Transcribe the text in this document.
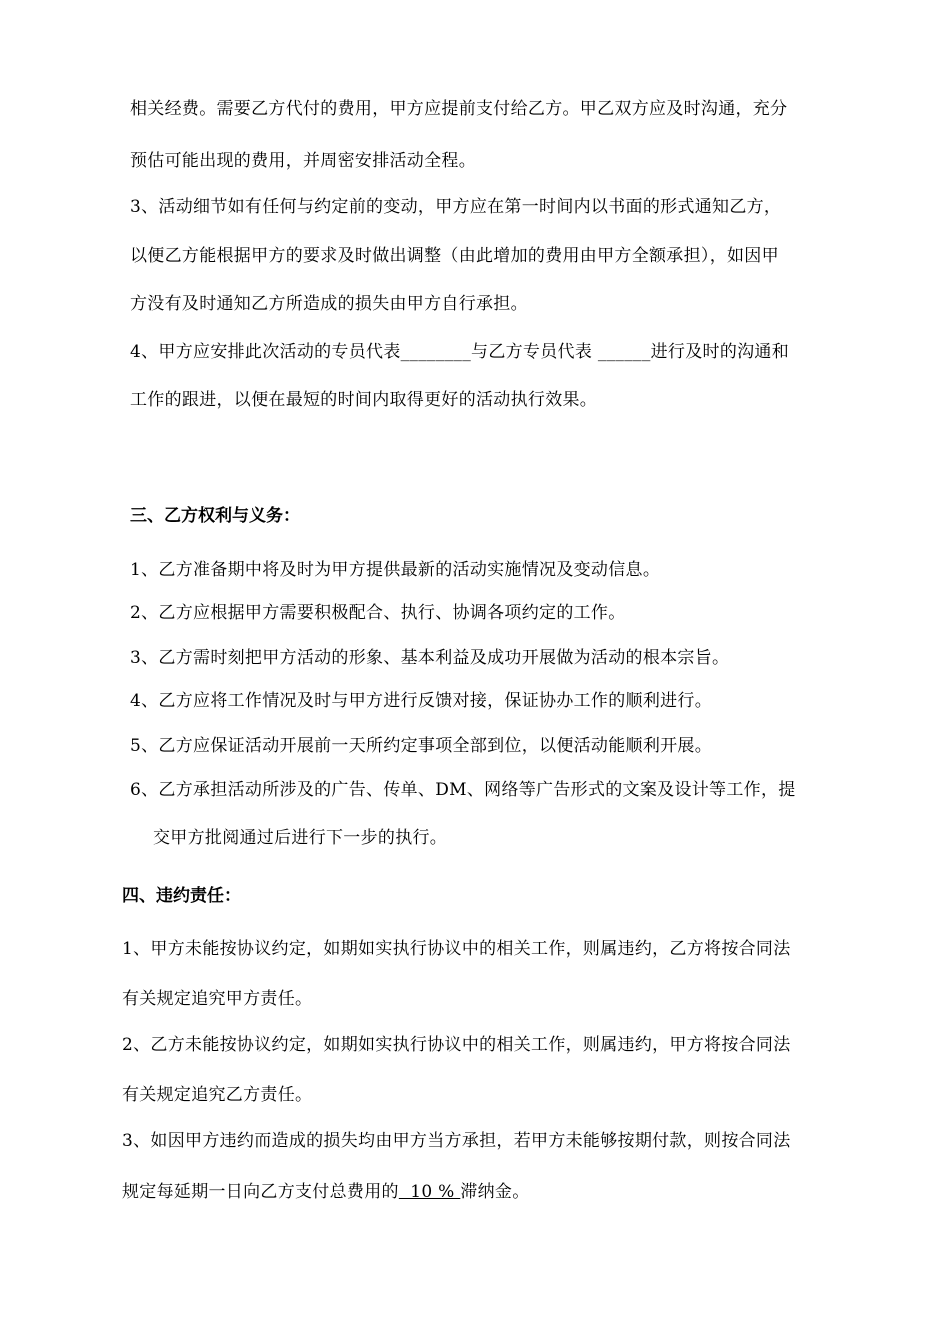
相关经费。需要乙方代付的费用，甲方应提前支付给乙方。甲乙双方应及时沟通，充分
预估可能出现的费用，并周密安排活动全程。
3、活动细节如有任何与约定前的变动，甲方应在第一时间内以书面的形式通知乙方，
以便乙方能根据甲方的要求及时做出调整（由此增加的费用由甲方全额承担），如因甲
方没有及时通知乙方所造成的损失由甲方自行承担。
4、甲方应安排此次活动的专员代表________与乙方专员代表 ______进行及时的沟通和
工作的跟进，以便在最短的时间内取得更好的活动执行效果。
三、乙方权利与义务：
1、乙方准备期中将及时为甲方提供最新的活动实施情况及变动信息。
2、乙方应根据甲方需要积极配合、执行、协调各项约定的工作。
3、乙方需时刻把甲方活动的形象、基本利益及成功开展做为活动的根本宗旨。
4、乙方应将工作情况及时与甲方进行反馈对接，保证协办工作的顺利进行。
5、乙方应保证活动开展前一天所约定事项全部到位，以便活动能顺利开展。
6、乙方承担活动所涉及的广告、传单、DM、网络等广告形式的文案及设计等工作，提
交甲方批阅通过后进行下一步的执行。
四、违约责任：
1、甲方未能按协议约定，如期如实执行协议中的相关工作，则属违约，乙方将按合同法
有关规定追究甲方责任。
2、乙方未能按协议约定，如期如实执行协议中的相关工作，则属违约，甲方将按合同法
有关规定追究乙方责任。
3、如因甲方违约而造成的损失均由甲方当方承担，若甲方未能够按期付款，则按合同法
规定每延期一日向乙方支付总费用的  10 % 滞纳金。
